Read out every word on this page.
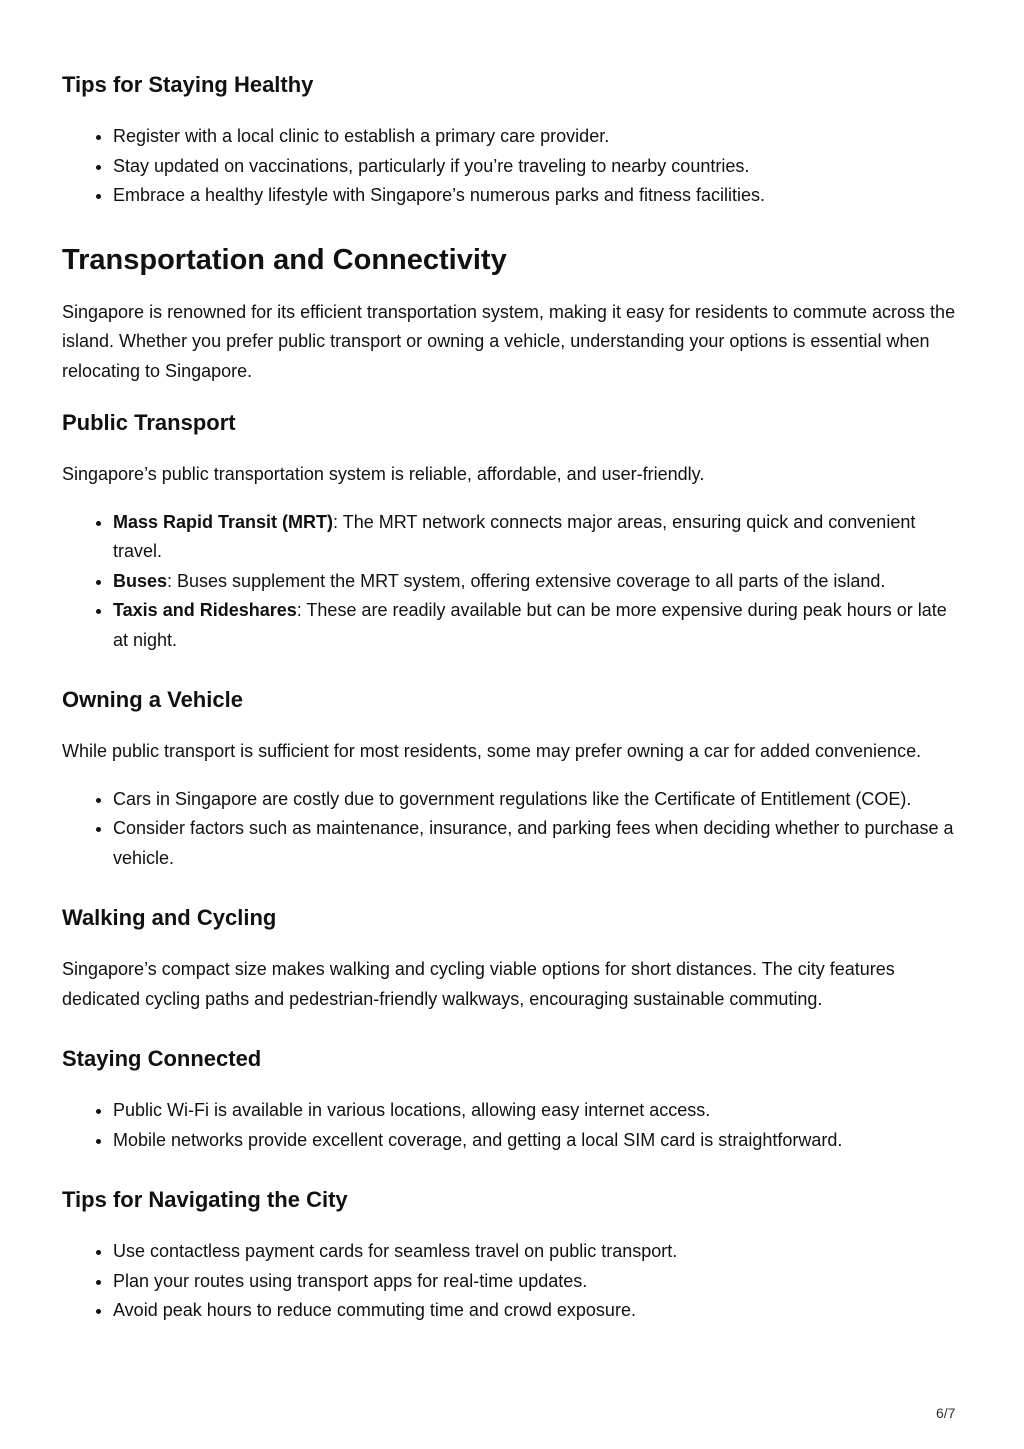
Tips for Staying Healthy
• Register with a local clinic to establish a primary care provider.
• Stay updated on vaccinations, particularly if you’re traveling to nearby countries.
• Embrace a healthy lifestyle with Singapore’s numerous parks and fitness facilities.
Transportation and Connectivity

Singapore is renowned for its efficient transportation system, making it easy for residents to commute across the island. Whether you prefer public transport or owning a vehicle, understanding your options is essential when relocating to Singapore.

Public Transport

Singapore’s public transportation system is reliable, affordable, and user-friendly.

• Mass Rapid Transit (MRT): The MRT network connects major areas, ensuring quick and convenient travel.
• Buses: Buses supplement the MRT system, offering extensive coverage to all parts of the island.
• Taxis and Rideshares: These are readily available but can be more expensive during peak hours or late at night.
Owning a Vehicle

While public transport is sufficient for most residents, some may prefer owning a car for added convenience.

• Cars in Singapore are costly due to government regulations like the Certificate of Entitlement (COE).
• Consider factors such as maintenance, insurance, and parking fees when deciding whether to purchase a vehicle.
Walking and Cycling

Singapore’s compact size makes walking and cycling viable options for short distances. The city features dedicated cycling paths and pedestrian-friendly walkways, encouraging sustainable commuting.

Staying Connected
• Public Wi-Fi is available in various locations, allowing easy internet access.
• Mobile networks provide excellent coverage, and getting a local SIM card is straightforward.
Tips for Navigating the City
• Use contactless payment cards for seamless travel on public transport.
• Plan your routes using transport apps for real-time updates.
• Avoid peak hours to reduce commuting time and crowd exposure.
6/7
